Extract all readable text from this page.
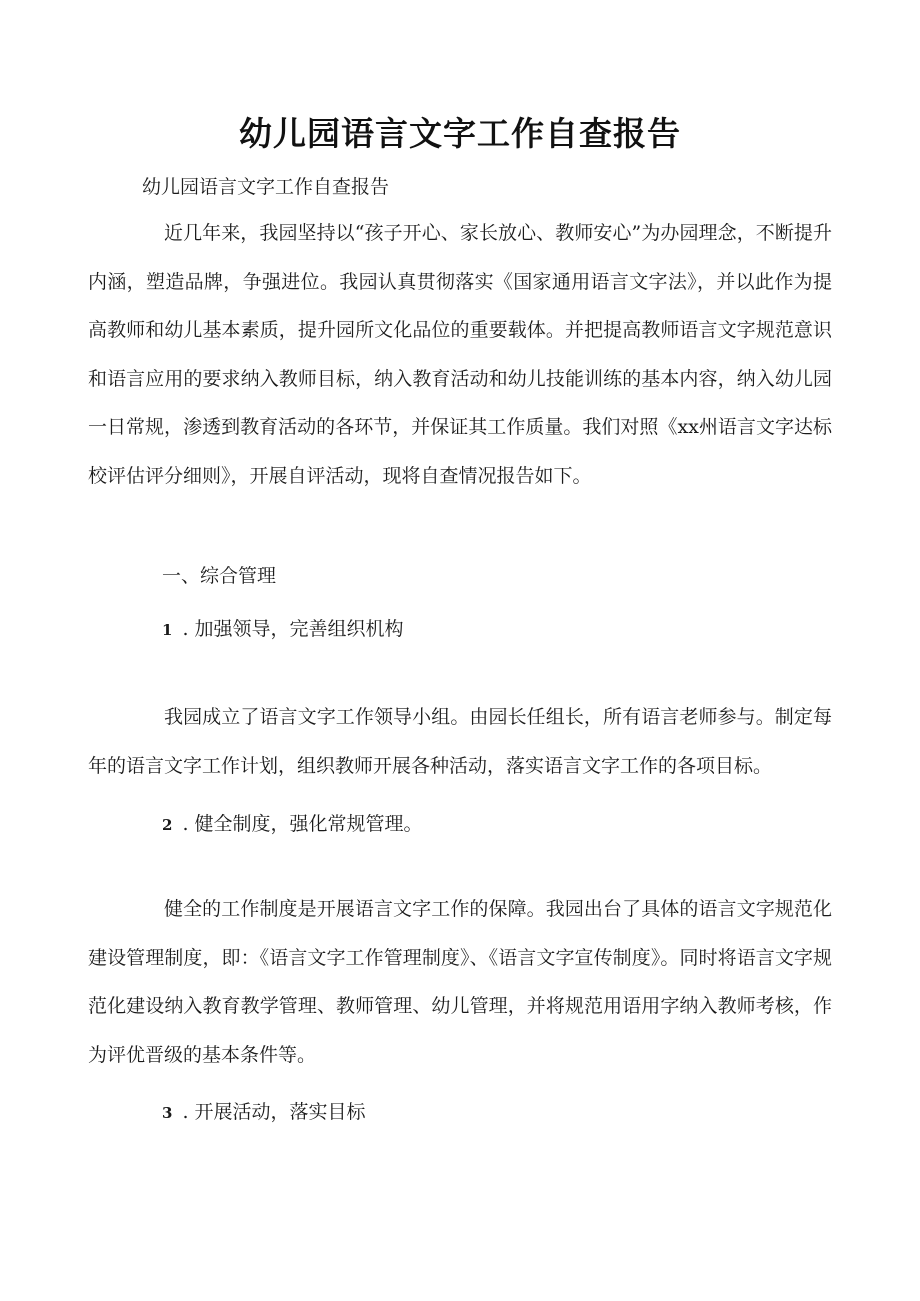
幼儿园语言文字工作自查报告

幼儿园语言文字工作自查报告

近几年来，我园坚持以“孩子开心、家长放心、教师安心”为办园理念，不断提升内涵，塑造品牌，争强进位。我园认真贯彻落实《国家通用语言文字法》，并以此作为提高教师和幼儿基本素质，提升园所文化品位的重要载体。并把提高教师语言文字规范意识和语言应用的要求纳入教师目标，纳入教育活动和幼儿技能训练的基本内容，纳入幼儿园一日常规，渗透到教育活动的各环节，并保证其工作质量。我们对照《xx州语言文字达标校评估评分细则》，开展自评活动，现将自查情况报告如下。

一、综合管理

1 . 加强领导，完善组织机构

我园成立了语言文字工作领导小组。由园长任组长，所有语言老师参与。制定每年的语言文字工作计划，组织教师开展各种活动，落实语言文字工作的各项目标。

2 . 健全制度，强化常规管理。

健全的工作制度是开展语言文字工作的保障。我园出台了具体的语言文字规范化建设管理制度，即：《语言文字工作管理制度》、《语言文字宣传制度》。同时将语言文字规范化建设纳入教育教学管理、教师管理、幼儿管理，并将规范用语用字纳入教师考核，作为评优晋级的基本条件等。

3 . 开展活动，落实目标
